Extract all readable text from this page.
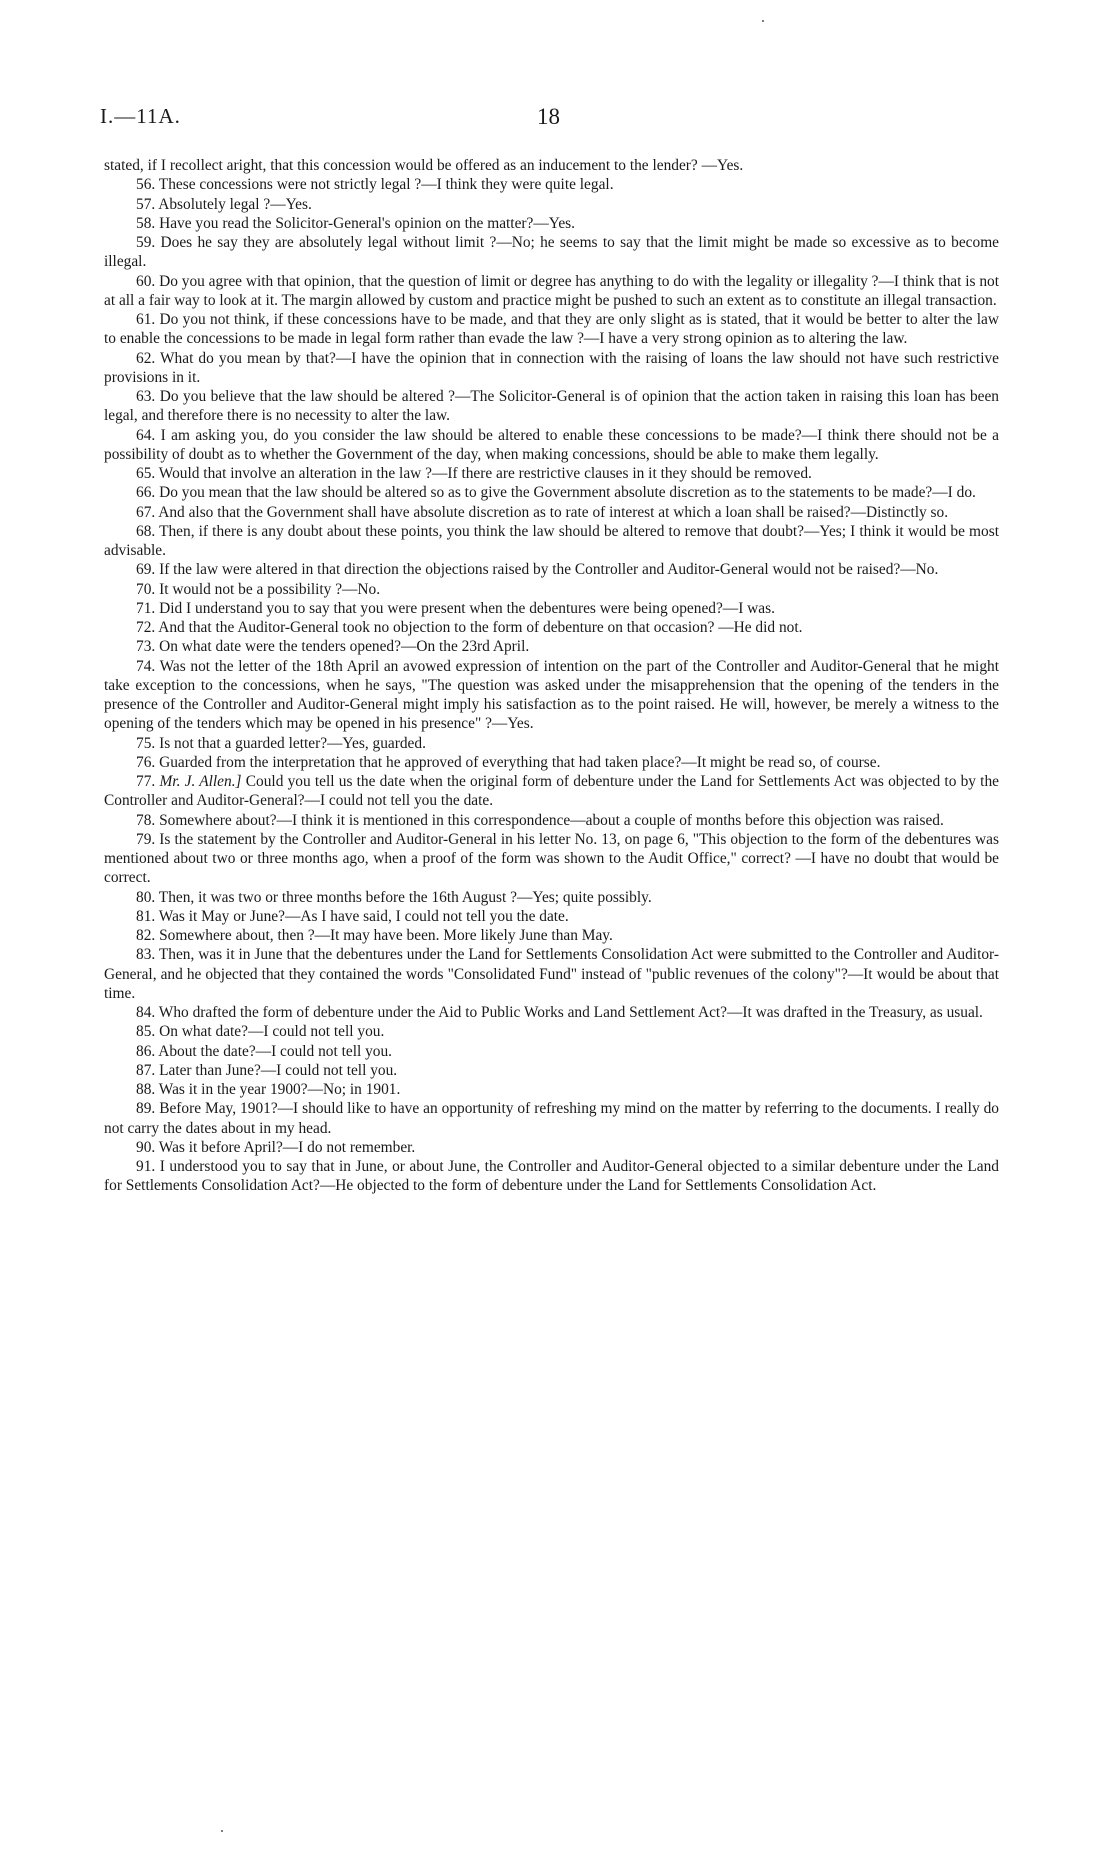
I.—11A.	18

stated, if I recollect aright, that this concession would be offered as an inducement to the lender? —Yes.

56. These concessions were not strictly legal ?—I think they were quite legal.

57. Absolutely legal ?—Yes.

58. Have you read the Solicitor-General's opinion on the matter?—Yes.

59. Does he say they are absolutely legal without limit ?—No; he seems to say that the limit might be made so excessive as to become illegal.

60. Do you agree with that opinion, that the question of limit or degree has anything to do with the legality or illegality ?—I think that is not at all a fair way to look at it. The margin allowed by custom and practice might be pushed to such an extent as to constitute an illegal transaction.

61. Do you not think, if these concessions have to be made, and that they are only slight as is stated, that it would be better to alter the law to enable the concessions to be made in legal form rather than evade the law ?—I have a very strong opinion as to altering the law.

62. What do you mean by that?—I have the opinion that in connection with the raising of loans the law should not have such restrictive provisions in it.

63. Do you believe that the law should be altered ?—The Solicitor-General is of opinion that the action taken in raising this loan has been legal, and therefore there is no necessity to alter the law.

64. I am asking you, do you consider the law should be altered to enable these concessions to be made?—I think there should not be a possibility of doubt as to whether the Government of the day, when making concessions, should be able to make them legally.

65. Would that involve an alteration in the law ?—If there are restrictive clauses in it they should be removed.

66. Do you mean that the law should be altered so as to give the Government absolute discretion as to the statements to be made?—I do.

67. And also that the Government shall have absolute discretion as to rate of interest at which a loan shall be raised?—Distinctly so.

68. Then, if there is any doubt about these points, you think the law should be altered to remove that doubt?—Yes; I think it would be most advisable.

69. If the law were altered in that direction the objections raised by the Controller and Auditor-General would not be raised?—No.

70. It would not be a possibility ?—No.

71. Did I understand you to say that you were present when the debentures were being opened?—I was.

72. And that the Auditor-General took no objection to the form of debenture on that occasion? —He did not.

73. On what date were the tenders opened?—On the 23rd April.

74. Was not the letter of the 18th April an avowed expression of intention on the part of the Controller and Auditor-General that he might take exception to the concessions, when he says, "The question was asked under the misapprehension that the opening of the tenders in the presence of the Controller and Auditor-General might imply his satisfaction as to the point raised. He will, however, be merely a witness to the opening of the tenders which may be opened in his presence" ?—Yes.

75. Is not that a guarded letter?—Yes, guarded.

76. Guarded from the interpretation that he approved of everything that had taken place?—It might be read so, of course.

77. Mr. J. Allen.] Could you tell us the date when the original form of debenture under the Land for Settlements Act was objected to by the Controller and Auditor-General?—I could not tell you the date.

78. Somewhere about?—I think it is mentioned in this correspondence—about a couple of months before this objection was raised.

79. Is the statement by the Controller and Auditor-General in his letter No. 13, on page 6, "This objection to the form of the debentures was mentioned about two or three months ago, when a proof of the form was shown to the Audit Office," correct? —I have no doubt that would be correct.

80. Then, it was two or three months before the 16th August ?—Yes; quite possibly.

81. Was it May or June?—As I have said, I could not tell you the date.

82. Somewhere about, then ?—It may have been. More likely June than May.

83. Then, was it in June that the debentures under the Land for Settlements Consolidation Act were submitted to the Controller and Auditor-General, and he objected that they contained the words "Consolidated Fund" instead of "public revenues of the colony"?—It would be about that time.

84. Who drafted the form of debenture under the Aid to Public Works and Land Settlement Act?—It was drafted in the Treasury, as usual.

85. On what date?—I could not tell you.

86. About the date?—I could not tell you.

87. Later than June?—I could not tell you.

88. Was it in the year 1900?—No; in 1901.

89. Before May, 1901?—I should like to have an opportunity of refreshing my mind on the matter by referring to the documents. I really do not carry the dates about in my head.

90. Was it before April?—I do not remember.

91. I understood you to say that in June, or about June, the Controller and Auditor-General objected to a similar debenture under the Land for Settlements Consolidation Act?—He objected to the form of debenture under the Land for Settlements Consolidation Act.
